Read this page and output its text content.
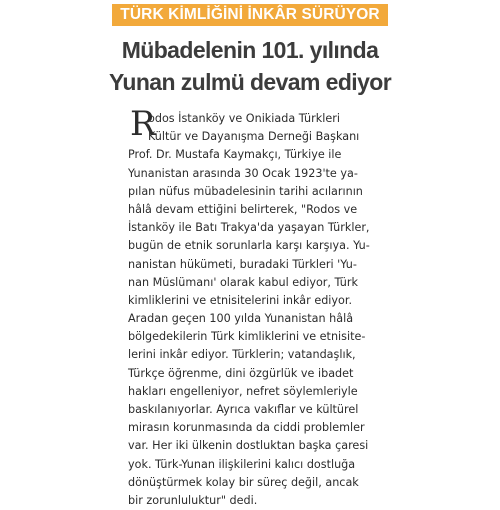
TÜRK KİMLİĞİNİ İNKÂR SÜRÜYOR
Mübadelenin 101. yılında
Yunan zulmü devam ediyor
R
odos İstanköy ve Onikiada Türkleri
Kültür ve Dayanışma Derneği Başkanı
Prof. Dr. Mustafa Kaymakçı, Türkiye ile
Yunanistan arasında 30 Ocak 1923'te ya-
pılan nüfus mübadelesinin tarihi acılarının
hâlâ devam ettiğini belirterek, "Rodos ve
İstanköy ile Batı Trakya'da yaşayan Türkler,
bugün de etnik sorunlarla karşı karşıya. Yu-
nanistan hükümeti, buradaki Türkleri 'Yu-
nan Müslümanı' olarak kabul ediyor, Türk
kimliklerini ve etnisitelerini inkâr ediyor.
Aradan geçen 100 yılda Yunanistan hâlâ
bölgedekilerin Türk kimliklerini ve etnisite-
lerini inkâr ediyor. Türklerin; vatandaşlık,
Türkçe öğrenme, dini özgürlük ve ibadet
hakları engelleniyor, nefret söylemleriyle
baskılanıyorlar. Ayrıca vakıflar ve kültürel
mirasın korunmasında da ciddi problemler
var. Her iki ülkenin dostluktan başka çaresi
yok. Türk-Yunan ilişkilerini kalıcı dostluğa
dönüştürmek kolay bir süreç değil, ancak
bir zorunluluktur" dedi.
